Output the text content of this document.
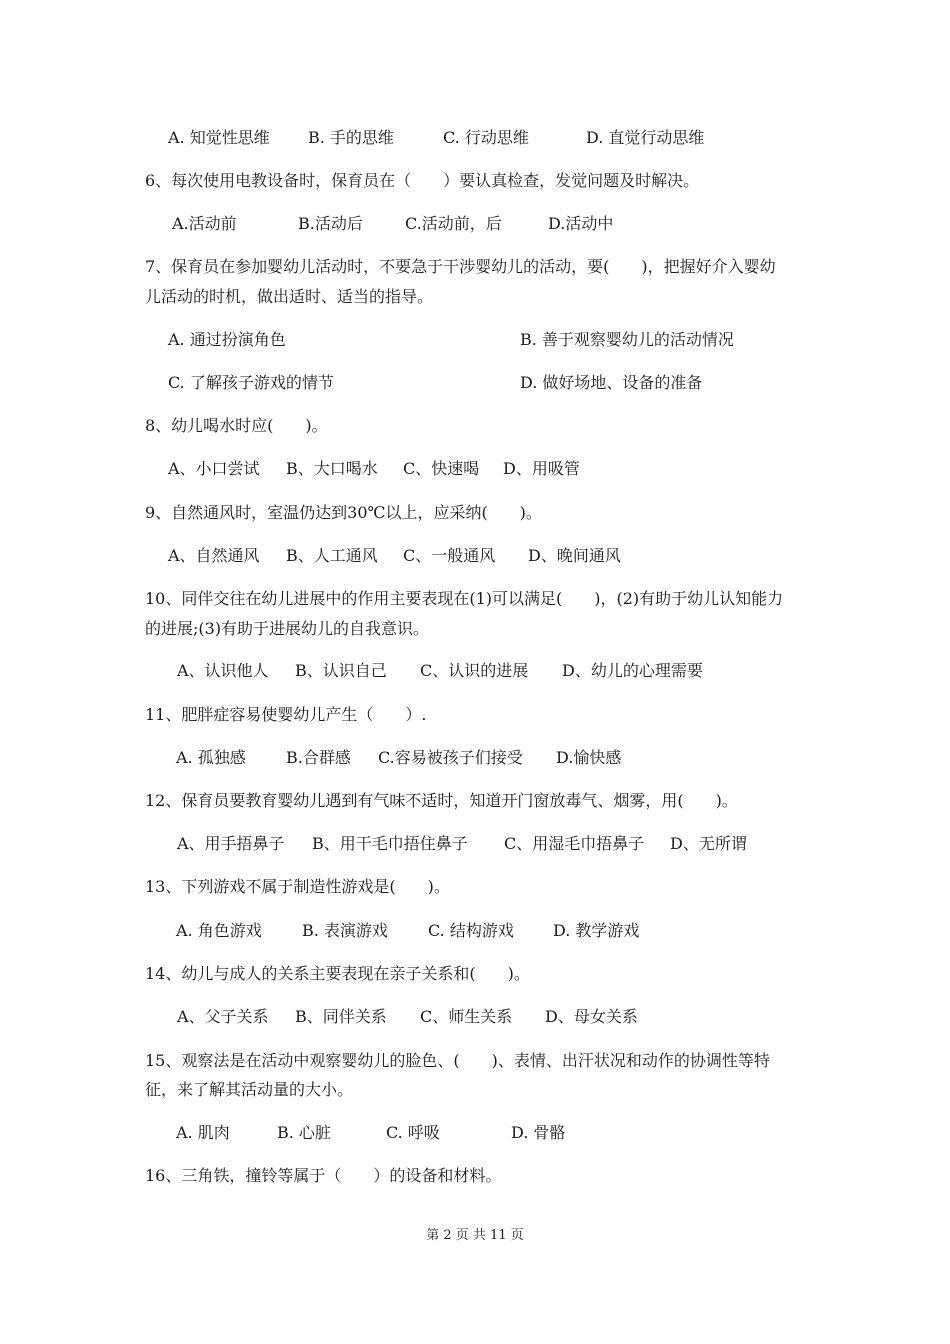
A. 知觉性思维 B. 手的思维	C. 行动思维	D. 直觉行动思维
6、每次使用电教设备时，保育员在（　　）要认真检查，发觉问题及时解决。
A.活动前	B.活动后	C.活动前，后	D.活动中
7、保育员在参加婴幼儿活动时，不要急于干涉婴幼儿的活动，要(　　)，把握好介入婴幼
儿活动的时机，做出适时、适当的指导。
A. 通过扮演角色	B. 善于观察婴幼儿的活动情况
C. 了解孩子游戏的情节	D. 做好场地、设备的准备
8、幼儿喝水时应(　　)。
A、小口尝试 B、大口喝水 C、快速喝 D、用吸管
9、自然通风时，室温仍达到30℃以上，应采纳(　　)。
A、自然通风 B、人工通风 C、一般通风 D、晚间通风
10、同伴交往在幼儿进展中的作用主要表现在(1)可以满足(　　)，(2)有助于幼儿认知能力
的进展;(3)有助于进展幼儿的自我意识。
A、认识他人 B、认识自己 C、认识的进展 D、幼儿的心理需要
11、肥胖症容易使婴幼儿产生（　　）.
A. 孤独感	B.合群感 C.容易被孩子们接受 D.愉快感
12、保育员要教育婴幼儿遇到有气味不适时，知道开门窗放毒气、烟雾，用(　　)。
A、用手捂鼻子 B、用干毛巾捂住鼻子 C、用湿毛巾捂鼻子 D、无所谓
13、下列游戏不属于制造性游戏是(　　)。
A. 角色游戏	B. 表演游戏	C. 结构游戏 D. 教学游戏
14、幼儿与成人的关系主要表现在亲子关系和(　　)。
A、父子关系 B、同伴关系 C、师生关系 D、母女关系
15、观察法是在活动中观察婴幼儿的脸色、(　　)、表情、出汗状况和动作的协调性等特
征，来了解其活动量的大小。
A. 肌肉	B. 心脏	C. 呼吸	D. 骨骼
16、三角铁，撞铃等属于（　　）的设备和材料。
第 2 页 共 11 页
